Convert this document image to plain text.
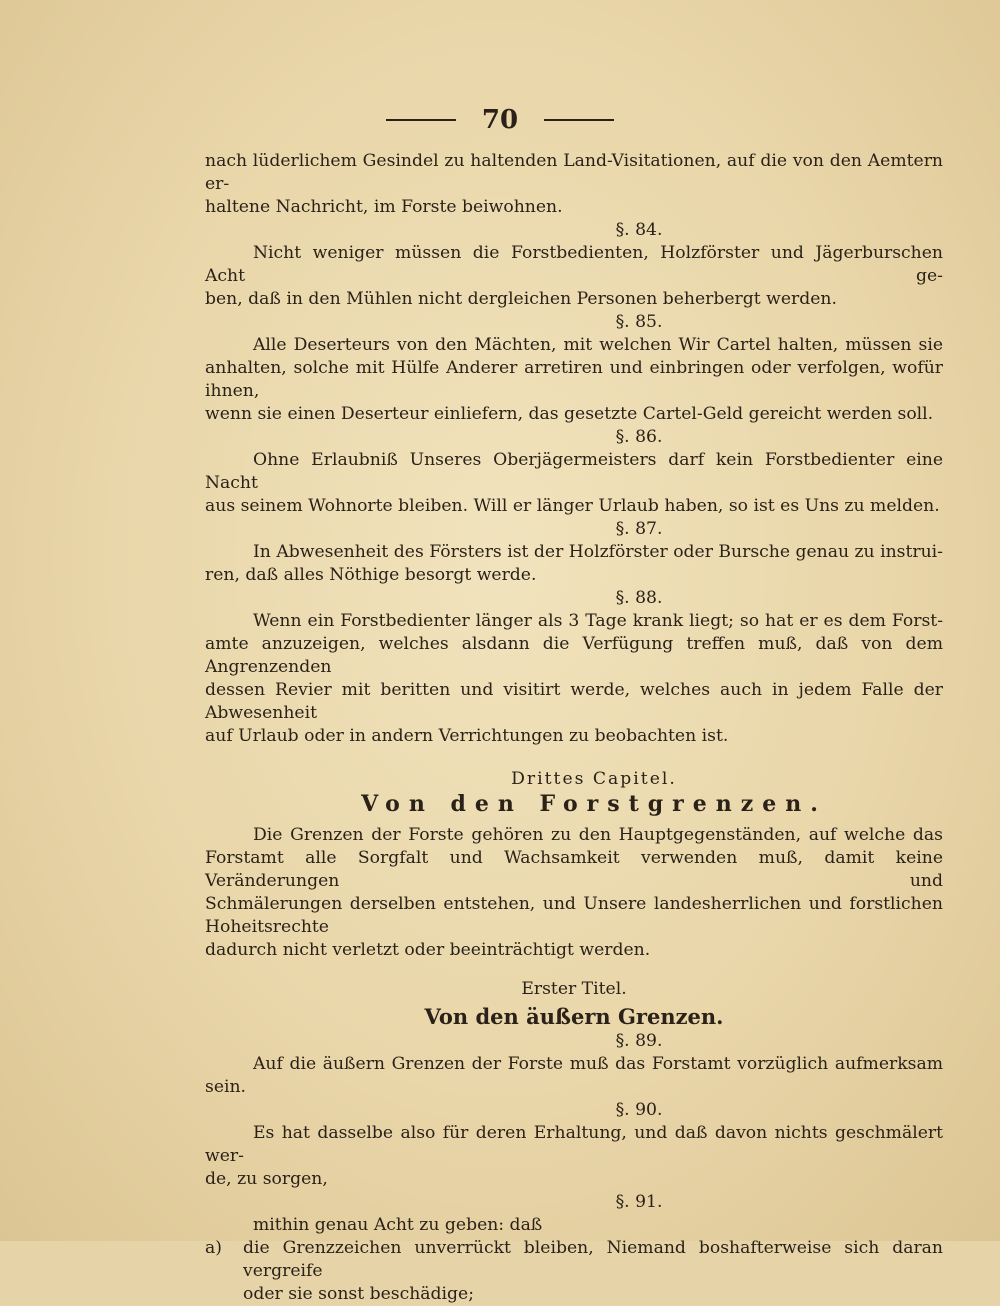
70

nach lüderlichem Gesindel zu haltenden Land-Visitationen, auf die von den Aemtern er-

haltene Nachricht, im Forste beiwohnen.

§. 84.

Nicht weniger müssen die Forstbedienten, Holzförster und Jägerburschen Acht ge-

ben, daß in den Mühlen nicht dergleichen Personen beherbergt werden.

§. 85.

Alle Deserteurs von den Mächten, mit welchen Wir Cartel halten, müssen sie

anhalten, solche mit Hülfe Anderer arretiren und einbringen oder verfolgen, wofür ihnen,

wenn sie einen Deserteur einliefern, das gesetzte Cartel-Geld gereicht werden soll.

§. 86.

Ohne Erlaubniß Unseres Oberjägermeisters darf kein Forstbedienter eine Nacht

aus seinem Wohnorte bleiben. Will er länger Urlaub haben, so ist es Uns zu melden.

§. 87.

In Abwesenheit des Försters ist der Holzförster oder Bursche genau zu instrui-

ren, daß alles Nöthige besorgt werde.

§. 88.

Wenn ein Forstbedienter länger als 3 Tage krank liegt; so hat er es dem Forst-

amte anzuzeigen, welches alsdann die Verfügung treffen muß, daß von dem Angrenzenden

dessen Revier mit beritten und visitirt werde, welches auch in jedem Falle der Abwesenheit

auf Urlaub oder in andern Verrichtungen zu beobachten ist.

Drittes Capitel.

Von den Forstgrenzen.

Die Grenzen der Forste gehören zu den Hauptgegenständen, auf welche das

Forstamt alle Sorgfalt und Wachsamkeit verwenden muß, damit keine Veränderungen und

Schmälerungen derselben entstehen, und Unsere landesherrlichen und forstlichen Hoheitsrechte

dadurch nicht verletzt oder beeinträchtigt werden.

Erster Titel.

Von den äußern Grenzen.

§. 89.

Auf die äußern Grenzen der Forste muß das Forstamt vorzüglich aufmerksam sein.

§. 90.

Es hat dasselbe also für deren Erhaltung, und daß davon nichts geschmälert wer-

de, zu sorgen,

§. 91.

mithin genau Acht zu geben: daß

a)	die Grenzzeichen unverrückt bleiben, Niemand boshafterweise sich daran vergreife

oder sie sonst beschädige;
